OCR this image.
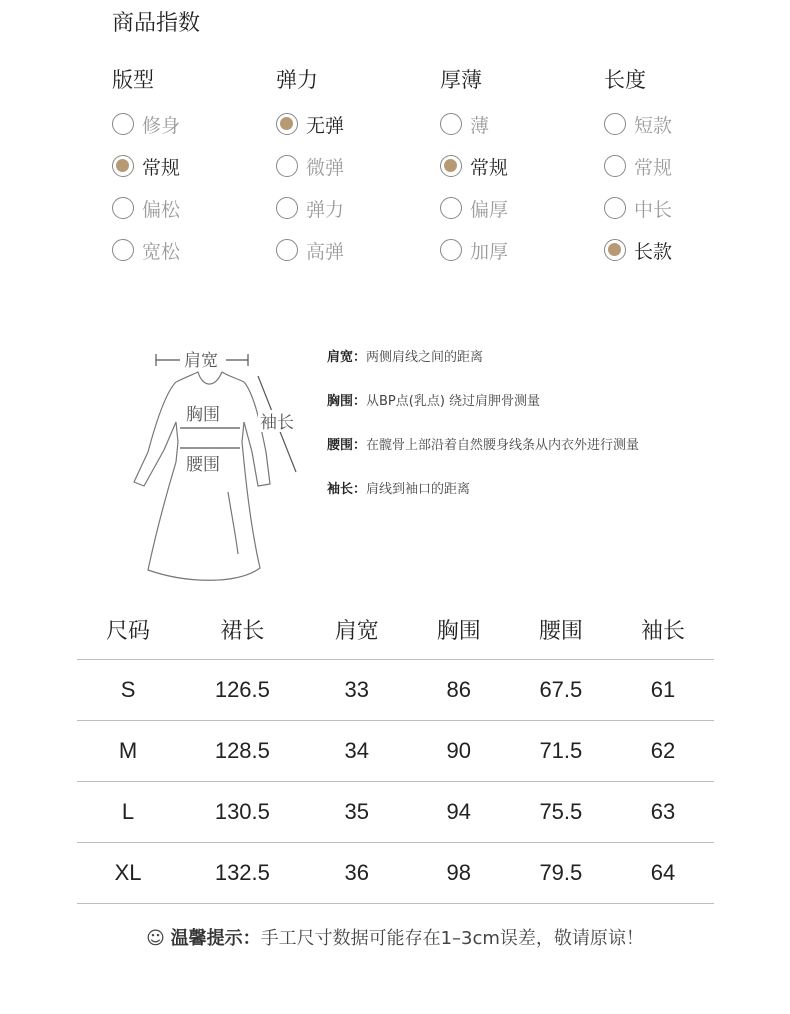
商品指数
版型
修身
常规
偏松
宽松
弹力
无弹
微弹
弹力
高弹
厚薄
薄
常规
偏厚
加厚
长度
短款
常规
中长
长款
肩宽
胸围
腰围
袖长
肩宽：两侧肩线之间的距离
胸围：从BP点(乳点) 绕过肩胛骨测量
腰围：在髋骨上部沿着自然腰身线条从内衣外进行测量
袖长：肩线到袖口的距离
尺码	裙长	肩宽	胸围	腰围	袖长
S	126.5	33	86	67.5	61
M	128.5	34	90	71.5	62
L	130.5	35	94	75.5	63
XL	132.5	36	98	79.5	64
☺ 温馨提示：手工尺寸数据可能存在1–3cm误差，敬请原谅！
